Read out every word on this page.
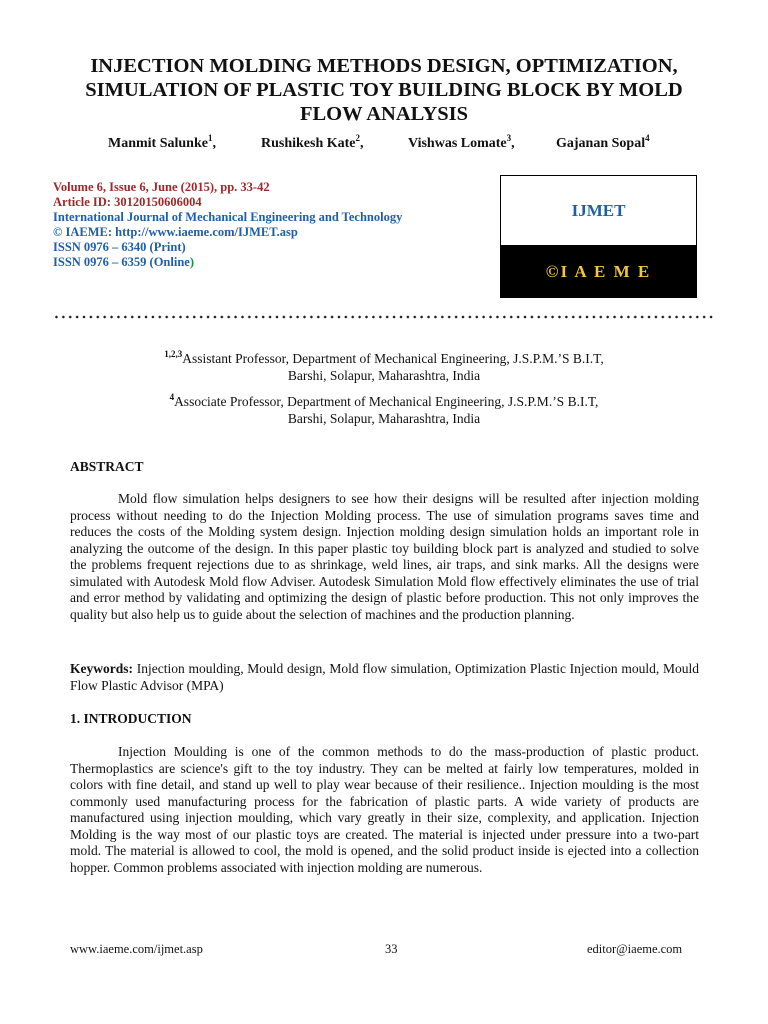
INJECTION MOLDING METHODS DESIGN, OPTIMIZATION,
SIMULATION OF PLASTIC TOY BUILDING BLOCK BY MOLD
FLOW ANALYSIS
Manmit Salunke$^1$,	Rushikesh Kate$^2$,	Vishwas Lomate$^3$,	Gajanan Sopal$^4$
Volume 6, Issue 6, June (2015), pp. 33-42
Article ID: 30120150606004
International Journal of Mechanical Engineering and Technology
© IAEME: http://www.iaeme.com/IJMET.asp
ISSN 0976 – 6340 (Print)
ISSN 0976 – 6359 (Online)
IJMET
©I A E M E
$^{1,2,3}$Assistant Professor, Department of Mechanical Engineering, J.S.P.M.’S B.I.T,
Barshi, Solapur, Maharashtra, India
$^4$Associate Professor, Department of Mechanical Engineering, J.S.P.M.’S B.I.T,
Barshi, Solapur, Maharashtra, India
ABSTRACT
Mold flow simulation helps designers to see how their designs will be resulted after injection molding process without needing to do the Injection Molding process. The use of simulation programs saves time and reduces the costs of the Molding system design. Injection molding design simulation holds an important role in analyzing the outcome of the design. In this paper plastic toy building block part is analyzed and studied to solve the problems frequent rejections due to as shrinkage, weld lines, air traps, and sink marks. All the designs were simulated with Autodesk Mold flow Adviser. Autodesk Simulation Mold flow effectively eliminates the use of trial and error method by validating and optimizing the design of plastic before production. This not only improves the quality but also help us to guide about the selection of machines and the production planning.
Keywords: Injection moulding, Mould design, Mold flow simulation, Optimization Plastic Injection mould, Mould Flow Plastic Advisor (MPA)
1. INTRODUCTION
Injection Moulding is one of the common methods to do the mass-production of plastic product. Thermoplastics are science's gift to the toy industry. They can be melted at fairly low temperatures, molded in colors with fine detail, and stand up well to play wear because of their resilience.. Injection moulding is the most commonly used manufacturing process for the fabrication of plastic parts. A wide variety of products are manufactured using injection moulding, which vary greatly in their size, complexity, and application. Injection Molding is the way most of our plastic toys are created. The material is injected under pressure into a two-part mold. The material is allowed to cool, the mold is opened, and the solid product inside is ejected into a collection hopper. Common problems associated with injection molding are numerous.
www.iaeme.com/ijmet.asp	33	editor@iaeme.com
